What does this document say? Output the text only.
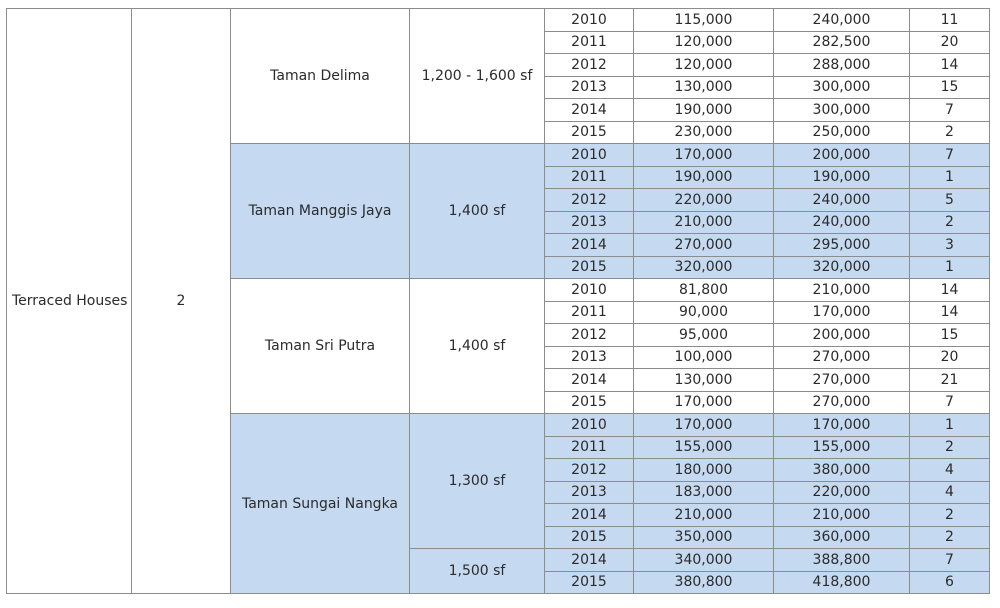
Terraced Houses	2	Taman Delima	1,200 - 1,600 sf	2010	115,000	240,000	11
				2011	120,000	282,500	20
				2012	120,000	288,000	14
				2013	130,000	300,000	15
				2014	190,000	300,000	7
				2015	230,000	250,000	2
		Taman Manggis Jaya	1,400 sf	2010	170,000	200,000	7
				2011	190,000	190,000	1
				2012	220,000	240,000	5
				2013	210,000	240,000	2
				2014	270,000	295,000	3
				2015	320,000	320,000	1
		Taman Sri Putra	1,400 sf	2010	81,800	210,000	14
				2011	90,000	170,000	14
				2012	95,000	200,000	15
				2013	100,000	270,000	20
				2014	130,000	270,000	21
				2015	170,000	270,000	7
		Taman Sungai Nangka	1,300 sf	2010	170,000	170,000	1
				2011	155,000	155,000	2
				2012	180,000	380,000	4
				2013	183,000	220,000	4
				2014	210,000	210,000	2
				2015	350,000	360,000	2
			1,500 sf	2014	340,000	388,800	7
				2015	380,800	418,800	6
